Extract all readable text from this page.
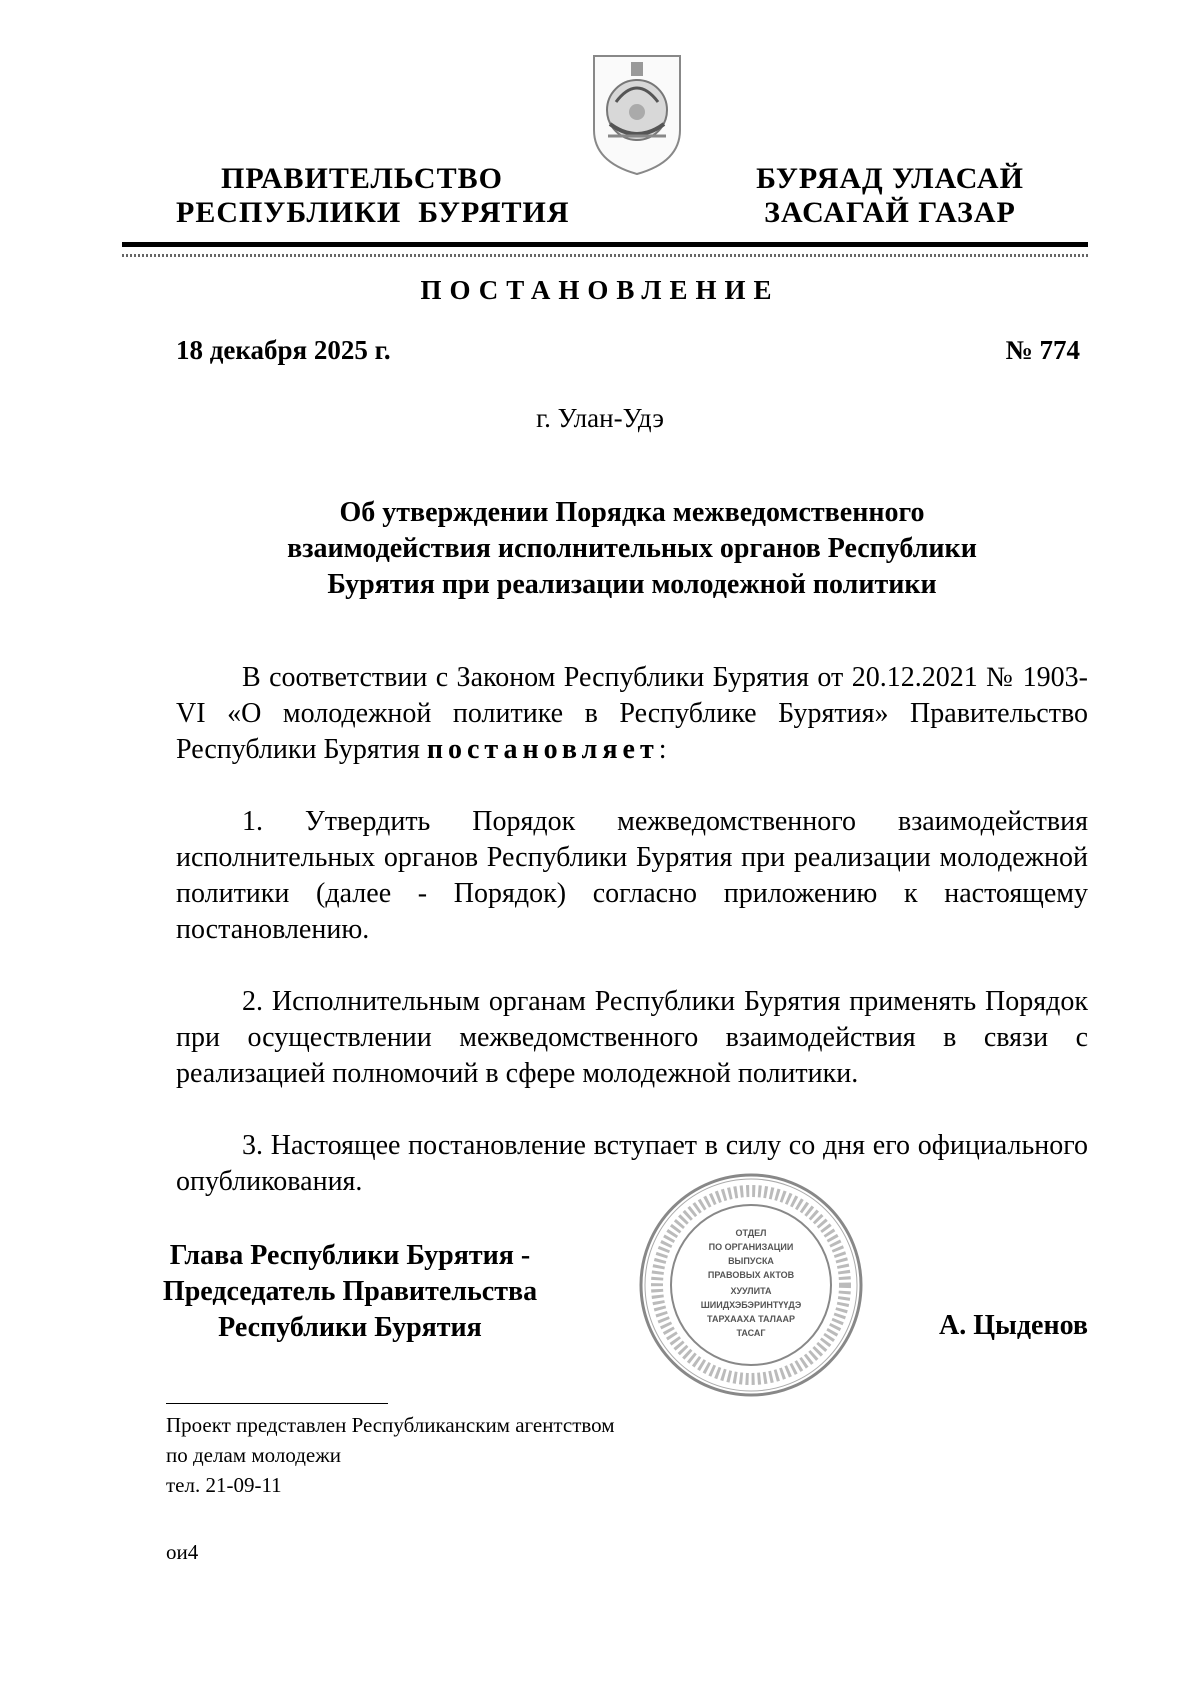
ПРАВИТЕЛЬСТВО
РЕСПУБЛИКИ  БУРЯТИЯ
БУРЯАД УЛАСАЙ
ЗАСАГАЙ ГАЗАР
ПОСТАНОВЛЕНИЕ
18 декабря 2025 г.	№ 774
г. Улан-Удэ
Об утверждении Порядка межведомственного
взаимодействия исполнительных органов Республики
Бурятия при реализации молодежной политики

В соответствии с Законом Республики Бурятия от 20.12.2021 № 1903-VI «О молодежной политике в Республике Бурятия» Правительство Республики Бурятия постановляет:

1. Утвердить Порядок межведомственного взаимодействия исполнительных органов Республики Бурятия при реализации молодежной политики (далее - Порядок) согласно приложению к настоящему постановлению.

2. Исполнительным органам Республики Бурятия применять Порядок при осуществлении межведомственного взаимодействия в связи с реализацией полномочий в сфере молодежной политики.

3. Настоящее постановление вступает в силу со дня его официального опубликования.

Глава Республики Бурятия -
Председатель Правительства
Республики Бурятия
ОТДЕЛ
ПО ОРГАНИЗАЦИИ
ВЫПУСКА
ПРАВОВЫХ АКТОВ
ХУУЛИТА
ШИИДХЭБЭРИНТҮҮДЭ
ТАРХААХА ТАЛААР
ТАСАГ	А. Цыденов
Проект представлен Республиканским агентством
по делам молодежи
тел. 21-09-11
ои4
